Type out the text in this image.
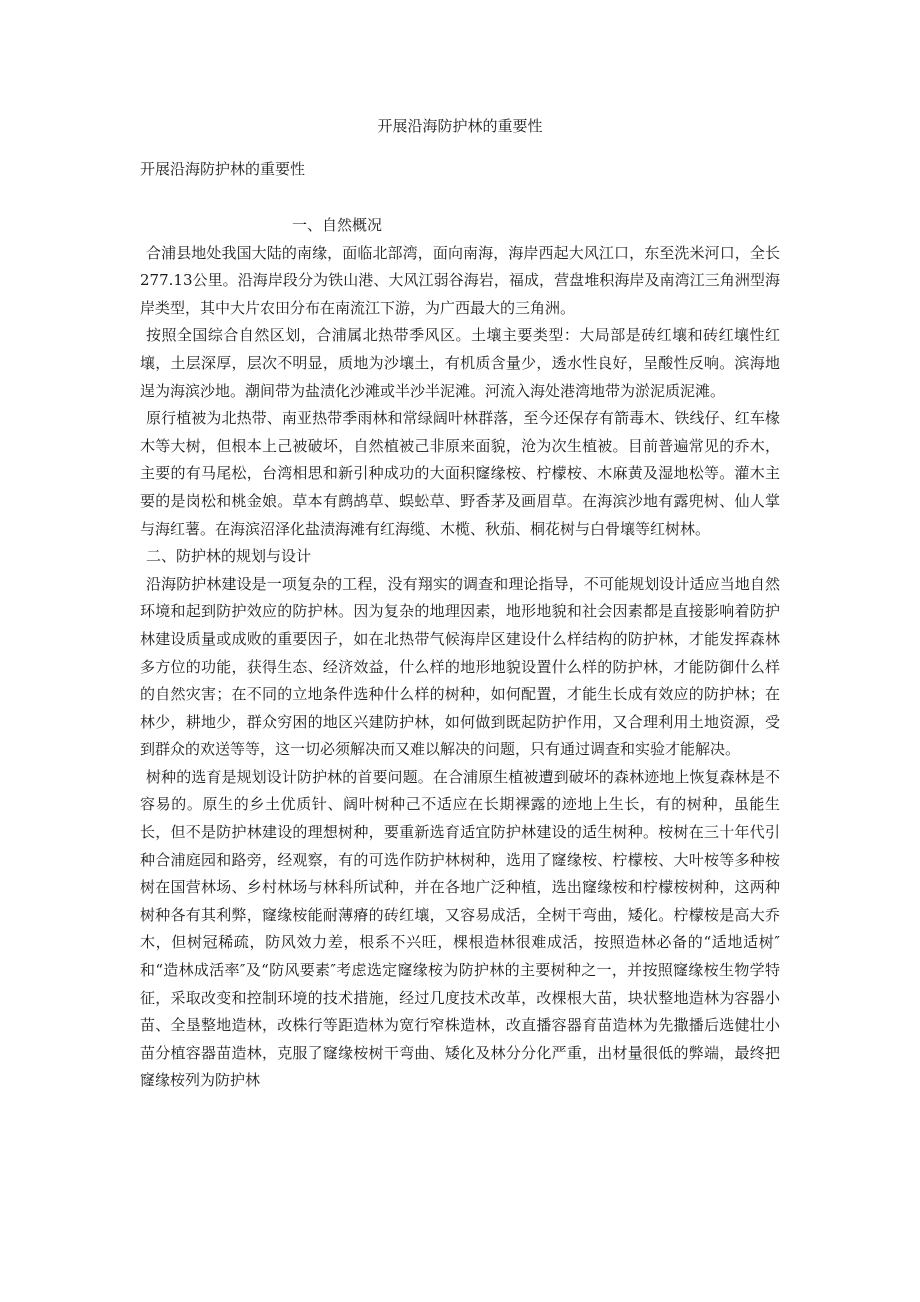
开展沿海防护林的重要性
开展沿海防护林的重要性

一、自然概况

合浦县地处我国大陆的南缘，面临北部湾，面向南海，海岸西起大风江口，东至洗米河口，全长277.13公里。沿海岸段分为铁山港、大风江弱谷海岩，福成，营盘堆积海岸及南湾江三角洲型海岸类型，其中大片农田分布在南流江下游，为广西最大的三角洲。

按照全国综合自然区划，合浦属北热带季风区。土壤主要类型：大局部是砖红壤和砖红壤性红壤，土层深厚，层次不明显，质地为沙壤土，有机质含量少，透水性良好，呈酸性反响。滨海地逞为海滨沙地。潮间带为盐渍化沙滩或半沙半泥滩。河流入海处港湾地带为淤泥质泥滩。

原行植被为北热带、南亚热带季雨林和常绿阔叶林群落，至今还保存有箭毒木、铁线仔、红车椽木等大树，但根本上己被破坏，自然植被己非原来面貌，沧为次生植被。目前普遍常见的乔木，主要的有马尾松，台湾相思和新引种成功的大面积窿缘桉、柠檬桉、木麻黄及湿地松等。灌木主要的是岗松和桃金娘。草本有鹧鸪草、蜈蚣草、野香茅及画眉草。在海滨沙地有露兜树、仙人掌与海红薯。在海滨沼泽化盐渍海滩有红海缆、木榄、秋茄、桐花树与白骨壤等红树林。

二、防护林的规划与设计

沿海防护林建设是一项复杂的工程，没有翔实的调查和理论指导，不可能规划设计适应当地自然环境和起到防护效应的防护林。因为复杂的地理因素，地形地貌和社会因素都是直接影响着防护林建设质量或成败的重要因子，如在北热带气候海岸区建设什么样结构的防护林，才能发挥森林多方位的功能，获得生态、经济效益，什么样的地形地貌设置什么样的防护林，才能防御什么样的自然灾害；在不同的立地条件选种什么样的树种，如何配置，才能生长成有效应的防护林；在林少，耕地少，群众穷困的地区兴建防护林，如何做到既起防护作用，又合理利用土地资源，受到群众的欢送等等，这一切必须解决而又难以解决的问题，只有通过调查和实验才能解决。

树种的选育是规划设计防护林的首要问题。在合浦原生植被遭到破坏的森林迹地上恢复森林是不容易的。原生的乡土优质针、阔叶树种己不适应在长期裸露的迹地上生长，有的树种，虽能生长，但不是防护林建设的理想树种，要重新选育适宜防护林建设的适生树种。桉树在三十年代引种合浦庭园和路旁，经观察，有的可选作防护林树种，选用了窿缘桉、柠檬桉、大叶桉等多种桉树在国营林场、乡村林场与林科所试种，并在各地广泛种植，选出窿缘桉和柠檬桉树种，这两种树种各有其利弊，窿缘桉能耐薄瘠的砖红壤，又容易成活，全树干弯曲，矮化。柠檬桉是高大乔木，但树冠稀疏，防风效力差，根系不兴旺，棵根造林很难成活，按照造林必备的“适地适树″和“造林成活率″及“防风要素″考虑选定窿缘桉为防护林的主要树种之一，并按照窿缘桉生物学特征，采取改变和控制环境的技术措施，经过几度技术改革，改棵根大苗，块状整地造林为容器小苗、全垦整地造林，改株行等距造林为宽行窄株造林，改直播容器育苗造林为先撒播后选健壮小苗分植容器苗造林，克服了窿缘桉树干弯曲、矮化及林分分化严重，出材量很低的弊端，最终把窿缘桉列为防护林
